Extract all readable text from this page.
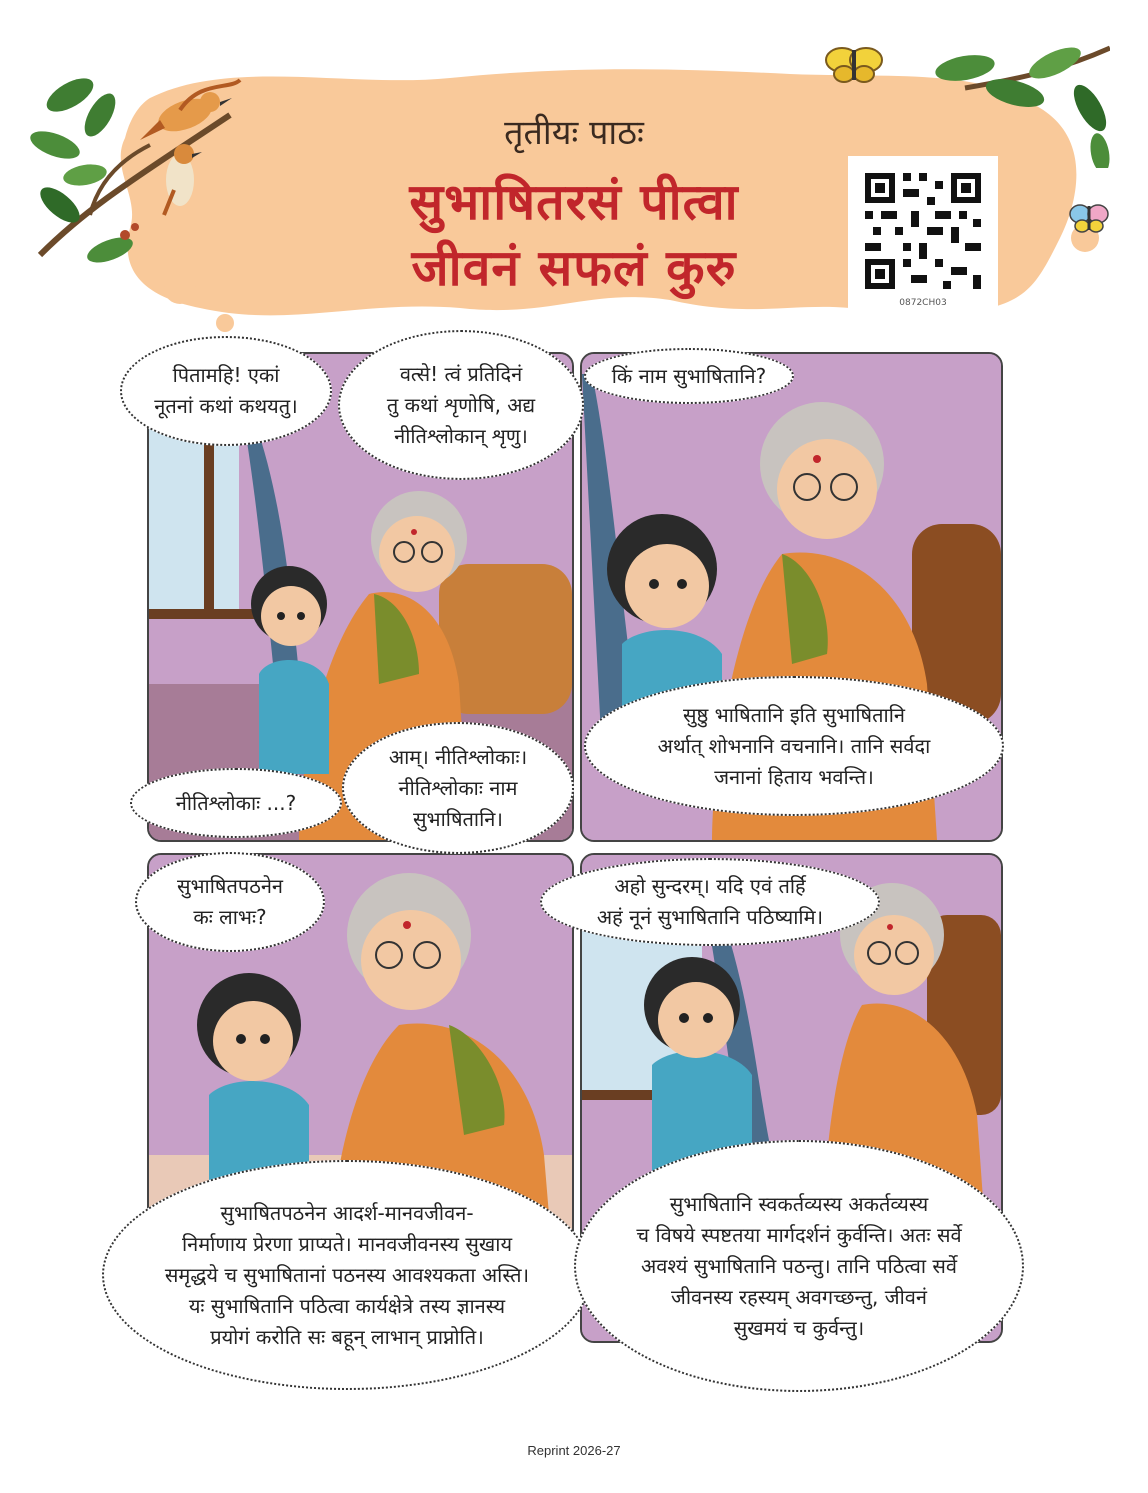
तृतीयः पाठः
सुभाषितरसं पीत्वा
जीवनं सफलं कुरु
0872CH03
पितामहि! एकां
नूतनां कथां कथयतु।
वत्से! त्वं प्रतिदिनं
तु कथां शृणोषि, अद्य
नीतिश्लोकान् शृणु।
नीतिश्लोकाः ...?
आम्। नीतिश्लोकाः।
नीतिश्लोकाः नाम
सुभाषितानि।
किं नाम सुभाषितानि?
सुष्ठु भाषितानि इति सुभाषितानि
अर्थात् शोभनानि वचनानि। तानि सर्वदा
जनानां हिताय भवन्ति।
सुभाषितपठनेन
कः लाभः?
सुभाषितपठनेन आदर्श-मानवजीवन-
निर्माणाय प्रेरणा प्राप्यते। मानवजीवनस्य सुखाय
समृद्धये च सुभाषितानां पठनस्य आवश्यकता अस्ति।
यः सुभाषितानि पठित्वा कार्यक्षेत्रे तस्य ज्ञानस्य
प्रयोगं करोति सः बहून् लाभान् प्राप्नोति।
अहो सुन्दरम्। यदि एवं तर्हि
अहं नूनं सुभाषितानि पठिष्यामि।
सुभाषितानि स्वकर्तव्यस्य अकर्तव्यस्य
च विषये स्पष्टतया मार्गदर्शनं कुर्वन्ति। अतः सर्वे
अवश्यं सुभाषितानि पठन्तु। तानि पठित्वा सर्वे
जीवनस्य रहस्यम् अवगच्छन्तु, जीवनं
सुखमयं च कुर्वन्तु।
Reprint 2026-27
